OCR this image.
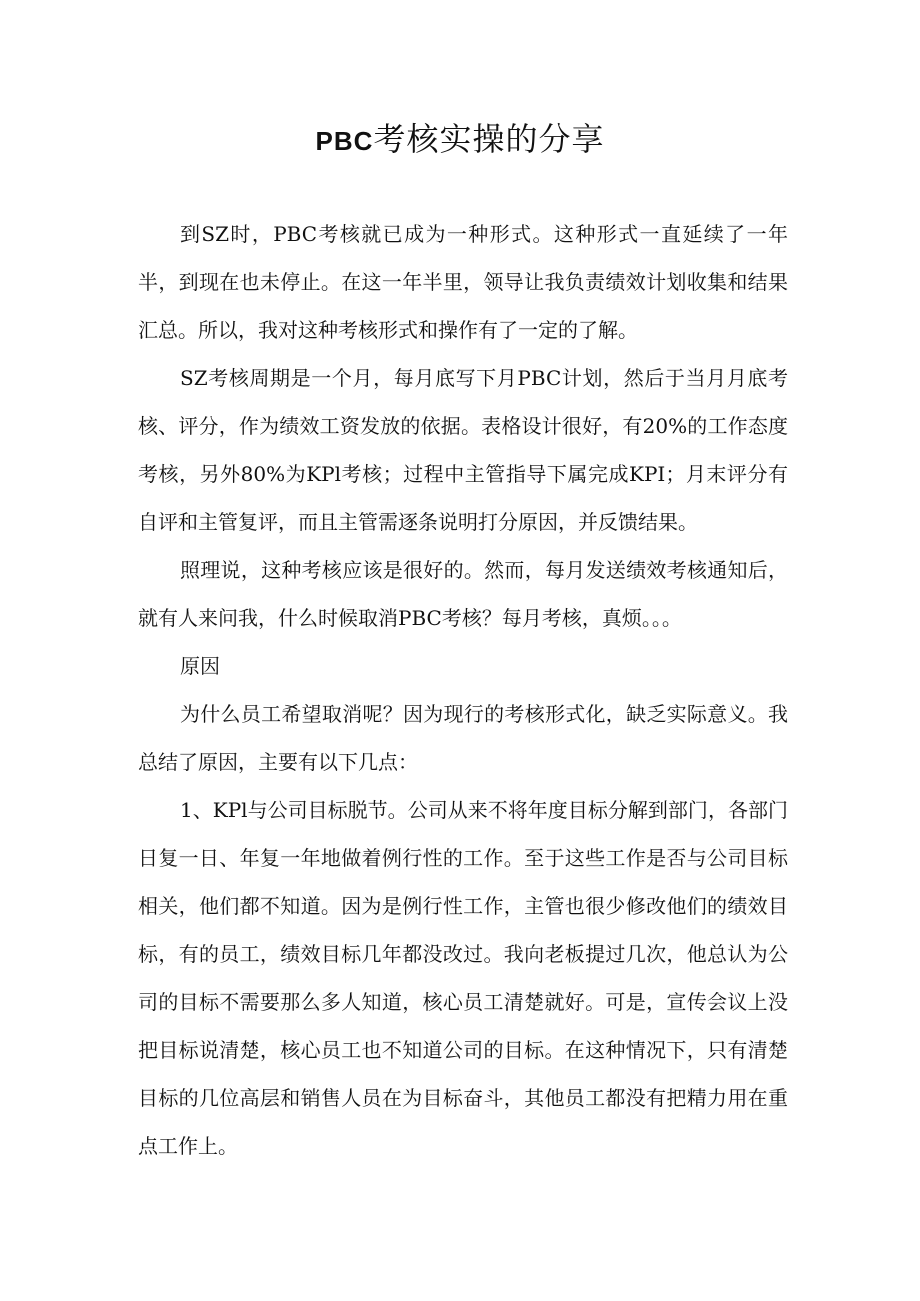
PBC考核实操的分享

到SZ时，PBC考核就已成为一种形式。这种形式一直延续了一年半，到现在也未停止。在这一年半里，领导让我负责绩效计划收集和结果汇总。所以，我对这种考核形式和操作有了一定的了解。

SZ考核周期是一个月，每月底写下月PBC计划，然后于当月月底考核、评分，作为绩效工资发放的依据。表格设计很好，有20%的工作态度考核，另外80%为KPl考核；过程中主管指导下属完成KPI；月末评分有自评和主管复评，而且主管需逐条说明打分原因，并反馈结果。

照理说，这种考核应该是很好的。然而，每月发送绩效考核通知后，就有人来问我，什么时候取消PBC考核？每月考核，真烦。。。

原因

为什么员工希望取消呢？因为现行的考核形式化，缺乏实际意义。我总结了原因，主要有以下几点：

1、KPl与公司目标脱节。公司从来不将年度目标分解到部门，各部门日复一日、年复一年地做着例行性的工作。至于这些工作是否与公司目标相关，他们都不知道。因为是例行性工作，主管也很少修改他们的绩效目标，有的员工，绩效目标几年都没改过。我向老板提过几次，他总认为公司的目标不需要那么多人知道，核心员工清楚就好。可是，宣传会议上没把目标说清楚，核心员工也不知道公司的目标。在这种情况下，只有清楚目标的几位高层和销售人员在为目标奋斗，其他员工都没有把精力用在重点工作上。
